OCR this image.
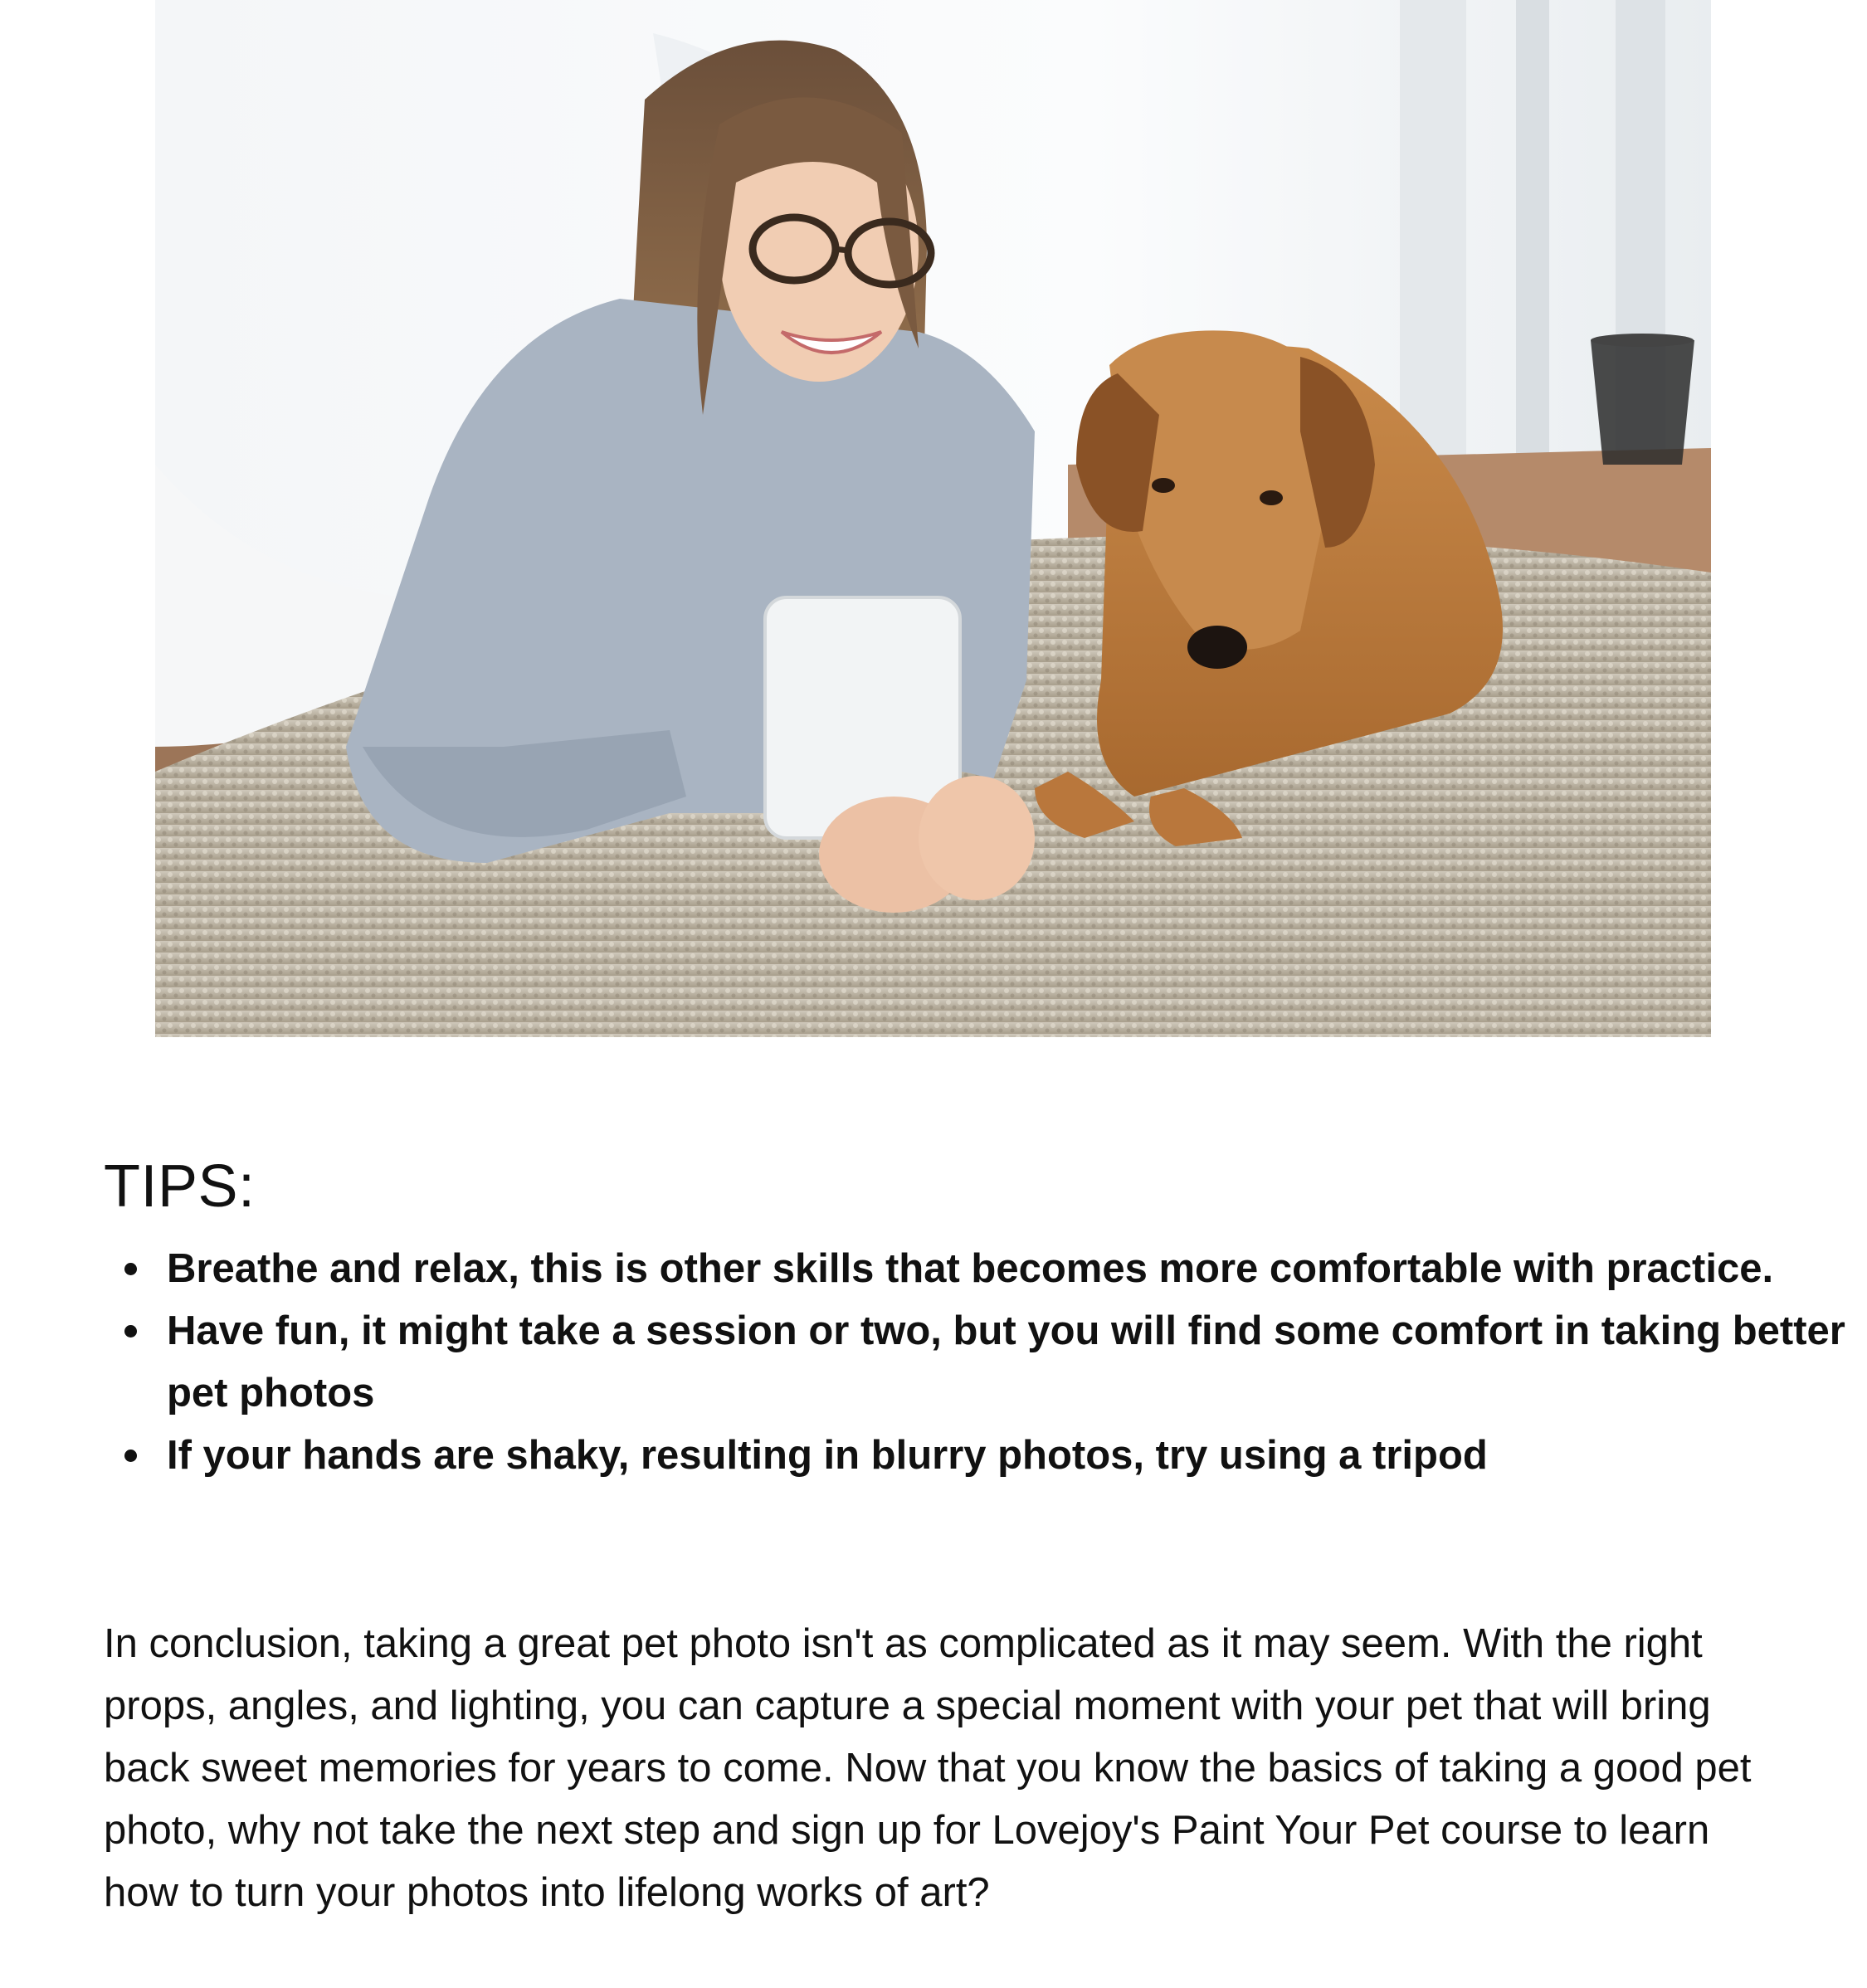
TIPS:
Breathe and relax, this is other skills that becomes more comfortable with practice.
Have fun, it might take a session or two, but you will find some comfort in taking better pet photos
If your hands are shaky, resulting in blurry photos, try using a tripod

In conclusion, taking a great pet photo isn't as complicated as it may seem. With the right props, angles, and lighting, you can capture a special moment with your pet that will bring back sweet memories for years to come. Now that you know the basics of taking a good pet photo, why not take the next step and sign up for Lovejoy's Paint Your Pet course to learn how to turn your photos into lifelong works of art?
